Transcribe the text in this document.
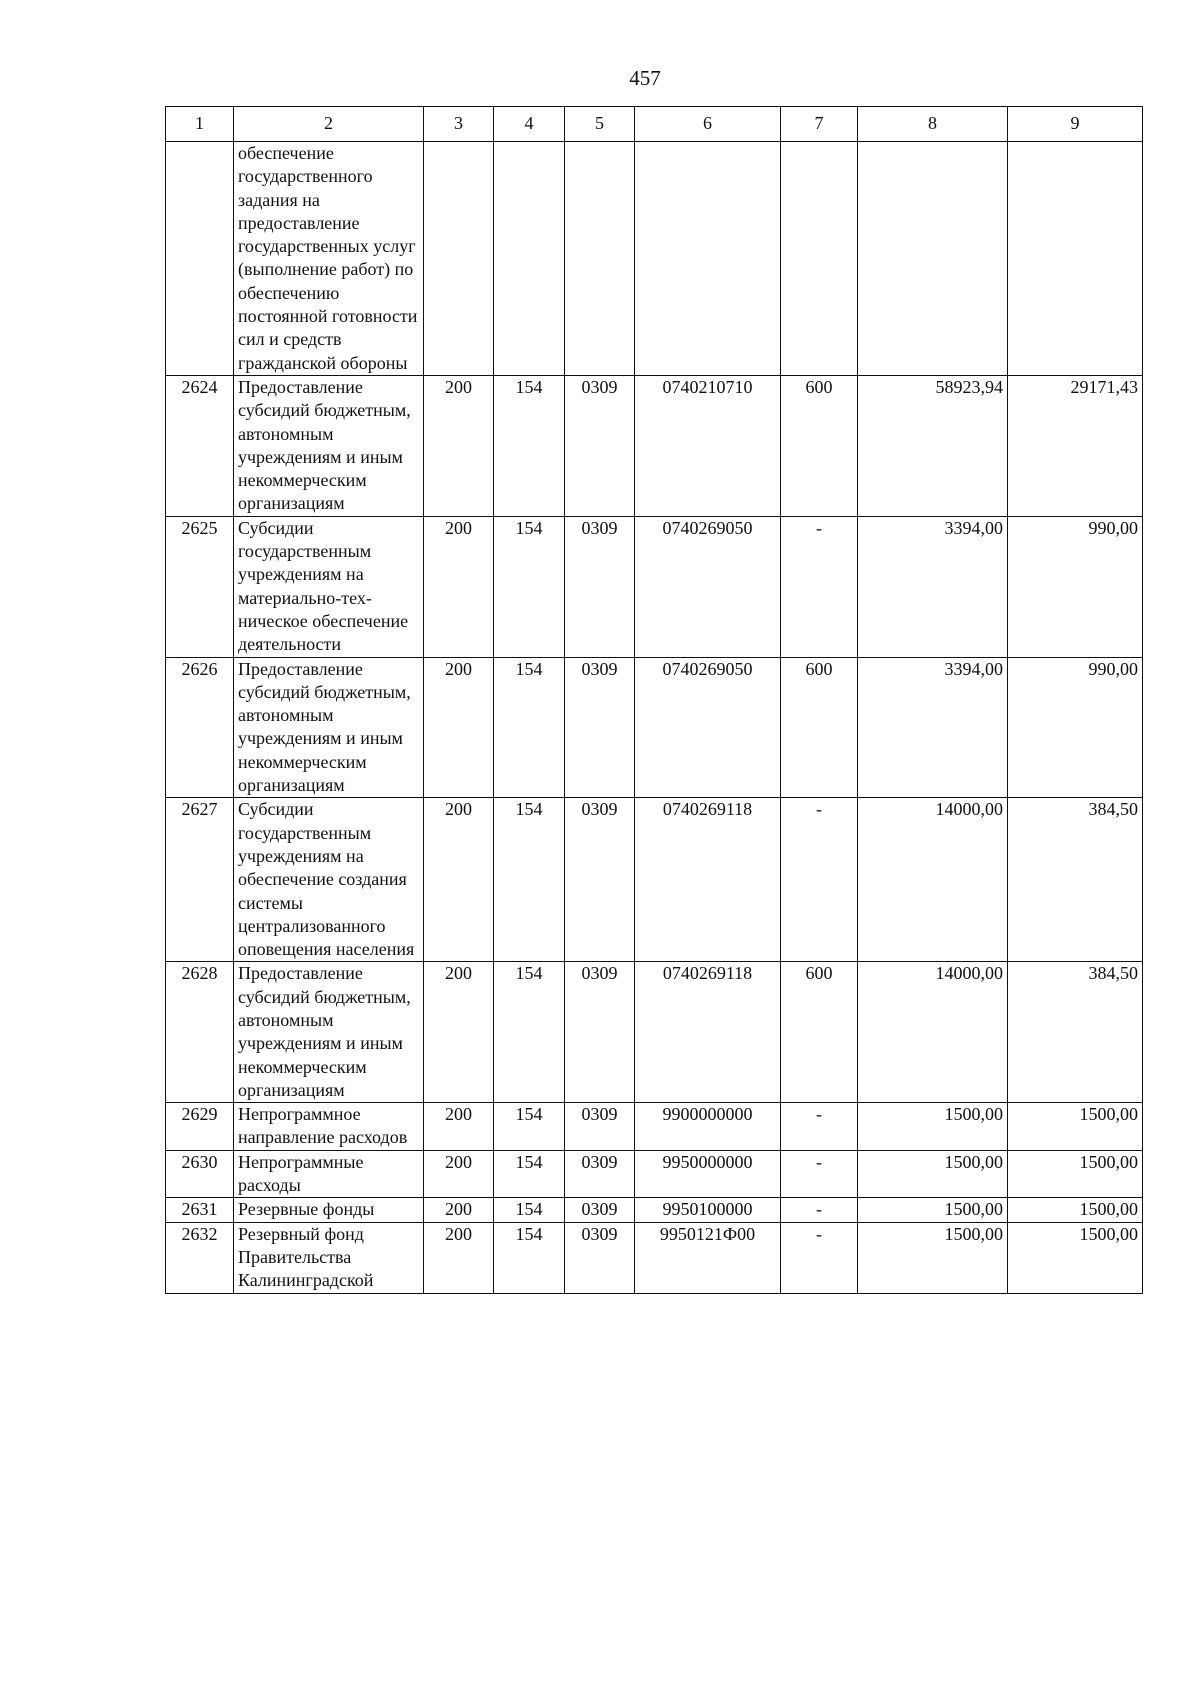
457
1	2	3	4	5	6	7	8	9
	обеспечение государственного задания на предоставление государственных услуг (выполнение работ) по обеспечению постоянной готовности сил и средств гражданской обороны							
2624	Предоставление субсидий бюджетным, автономным учреждениям и иным некоммерческим организациям	200	154	0309	0740210710	600	58923,94	29171,43
2625	Субсидии государственным учреждениям на материально-техническое обеспечение деятельности	200	154	0309	0740269050	-	3394,00	990,00
2626	Предоставление субсидий бюджетным, автономным учреждениям и иным некоммерческим организациям	200	154	0309	0740269050	600	3394,00	990,00
2627	Субсидии государственным учреждениям на обеспечение создания системы централизованного оповещения населения	200	154	0309	0740269118	-	14000,00	384,50
2628	Предоставление субсидий бюджетным, автономным учреждениям и иным некоммерческим организациям	200	154	0309	0740269118	600	14000,00	384,50
2629	Непрограммное направление расходов	200	154	0309	9900000000	-	1500,00	1500,00
2630	Непрограммные расходы	200	154	0309	9950000000	-	1500,00	1500,00
2631	Резервные фонды	200	154	0309	9950100000	-	1500,00	1500,00
2632	Резервный фонд Правительства Калининградской	200	154	0309	9950121Ф00	-	1500,00	1500,00
